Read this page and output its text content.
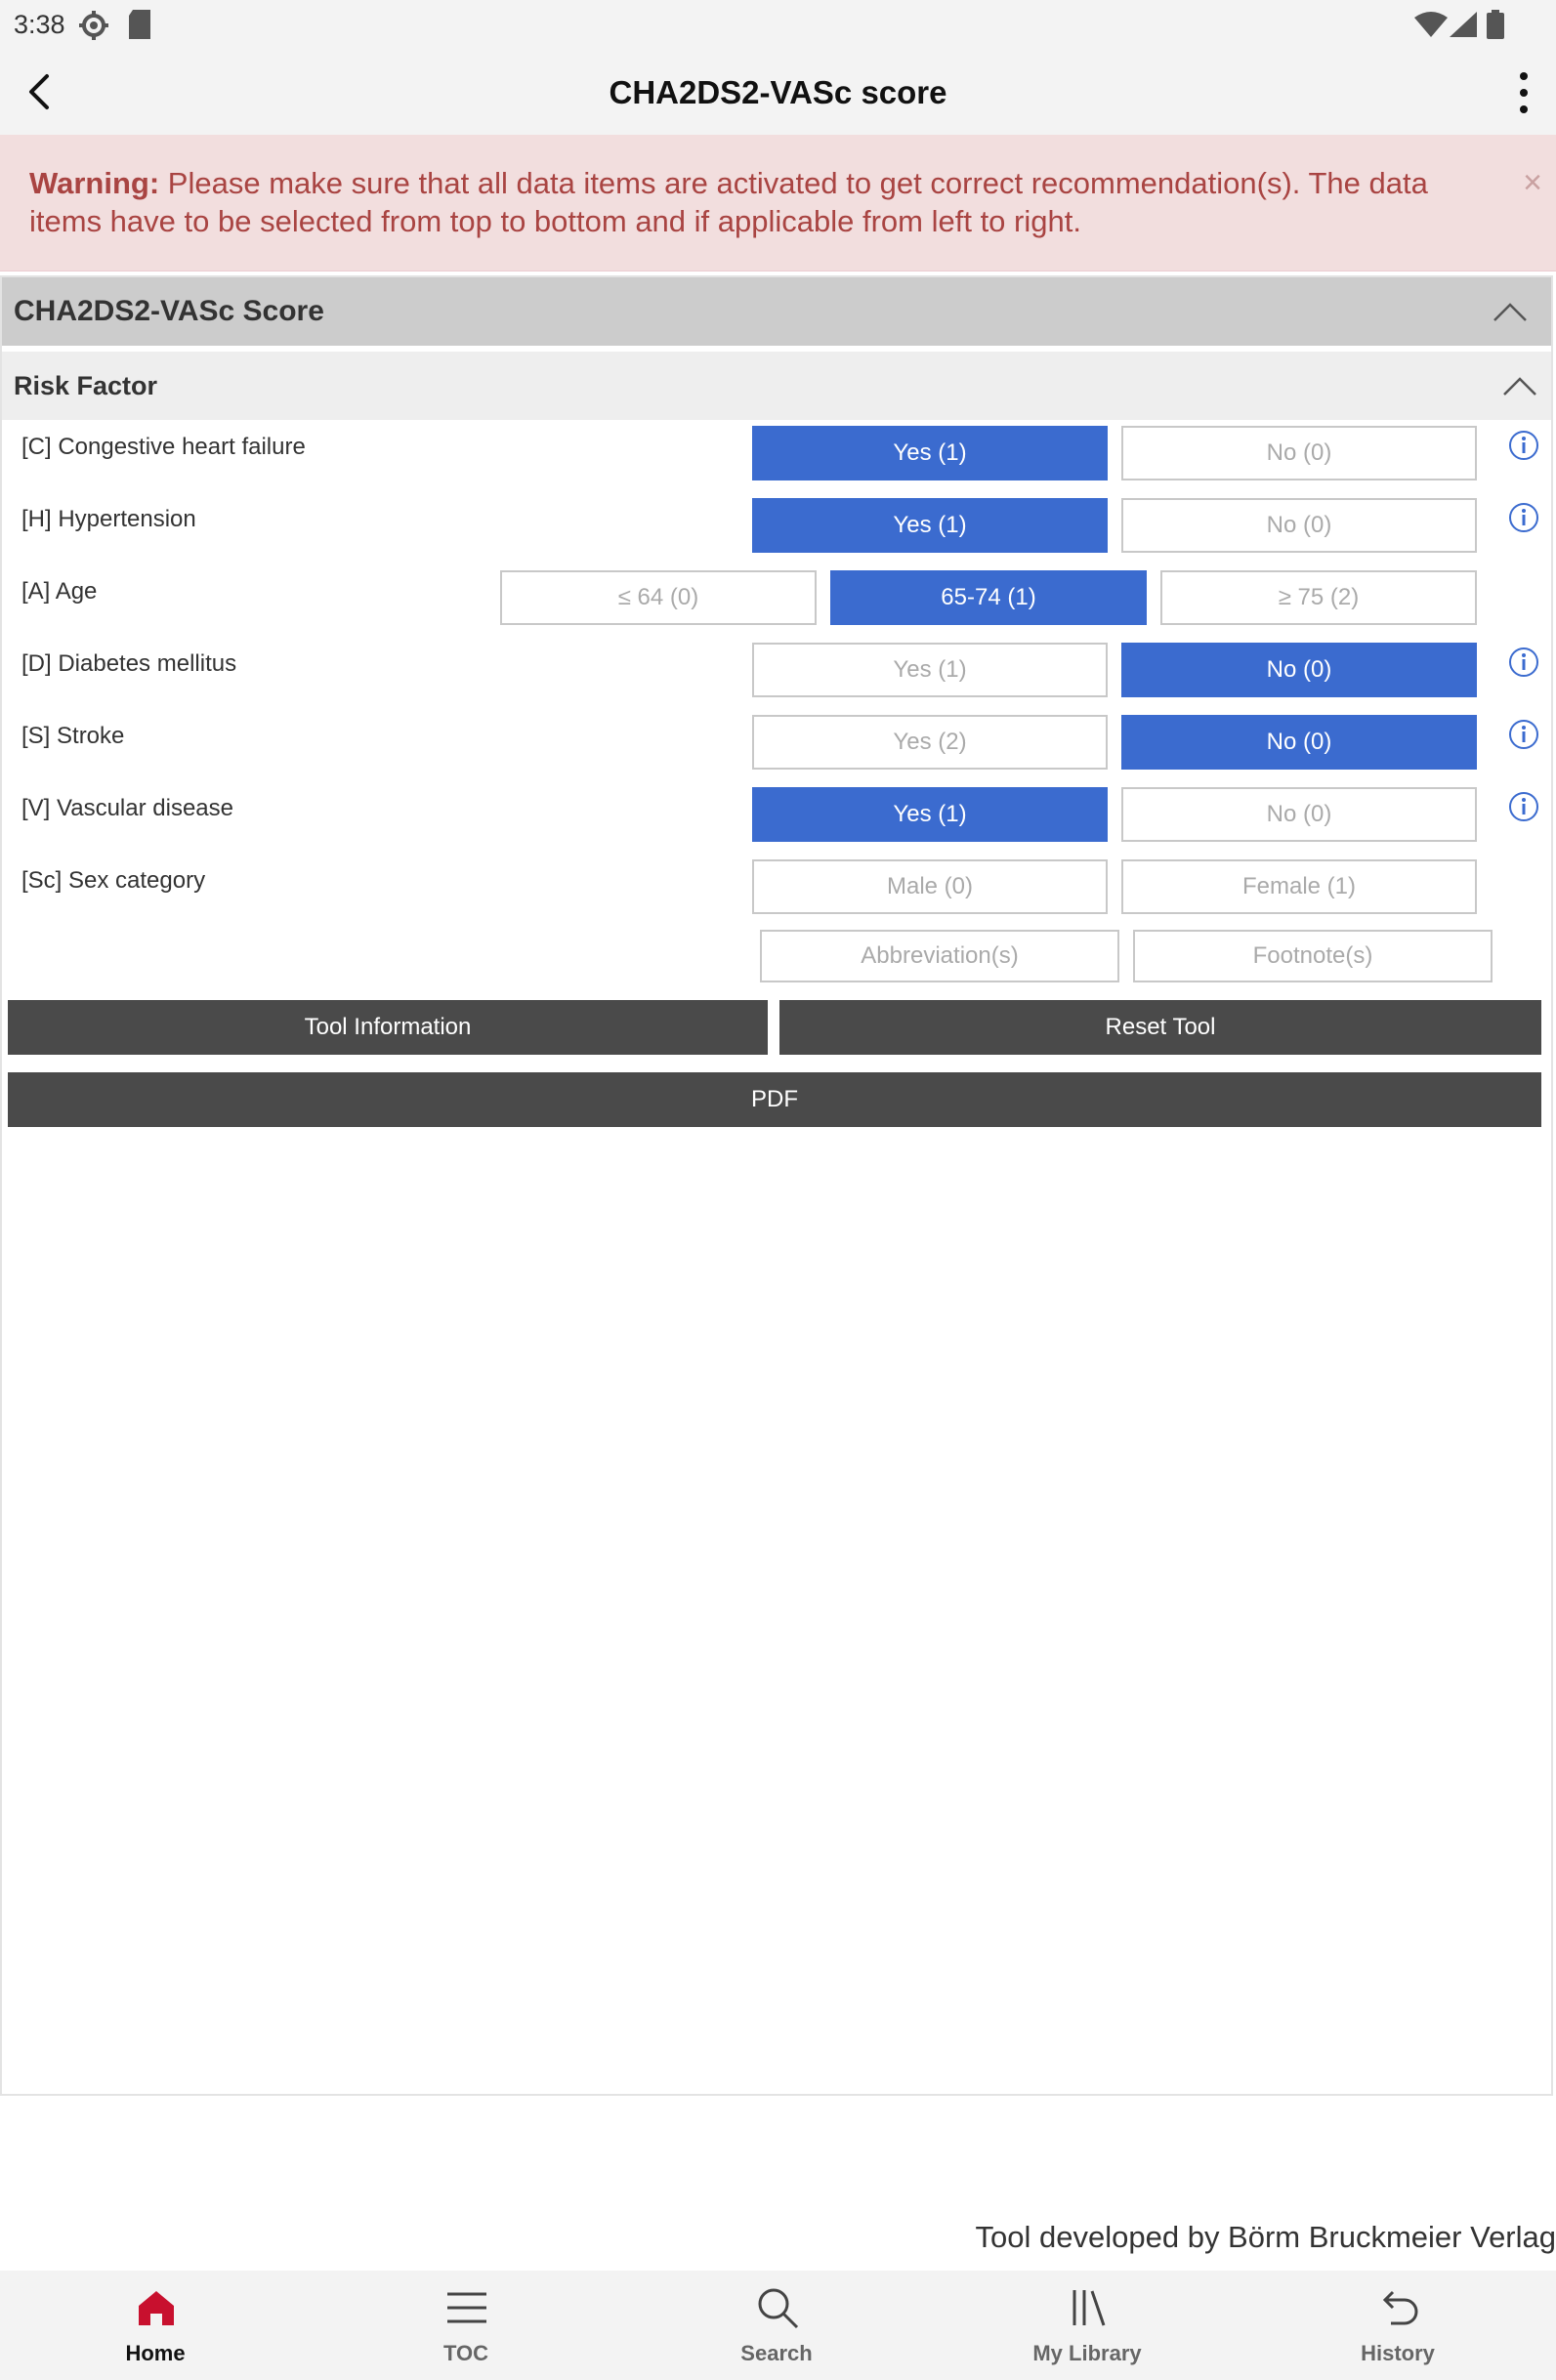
3:38
CHA2DS2-VASc score
Warning: Please make sure that all data items are activated to get correct recommendation(s). The data items have to be selected from top to bottom and if applicable from left to right.
×
CHA2DS2-VASc Score
Risk Factor
[C] Congestive heart failure	Yes (1)	No (0)
[H] Hypertension	Yes (1)	No (0)
[A] Age	≤ 64 (0)	65-74 (1)	≥ 75 (2)
[D] Diabetes mellitus	Yes (1)	No (0)
[S] Stroke	Yes (2)	No (0)
[V] Vascular disease	Yes (1)	No (0)
[Sc] Sex category	Male (0)	Female (1)
Abbreviation(s)	Footnote(s)
Tool Information	Reset Tool
PDF
Tool developed by Börm Bruckmeier Verlag
Home	TOC	Search	My Library	History
